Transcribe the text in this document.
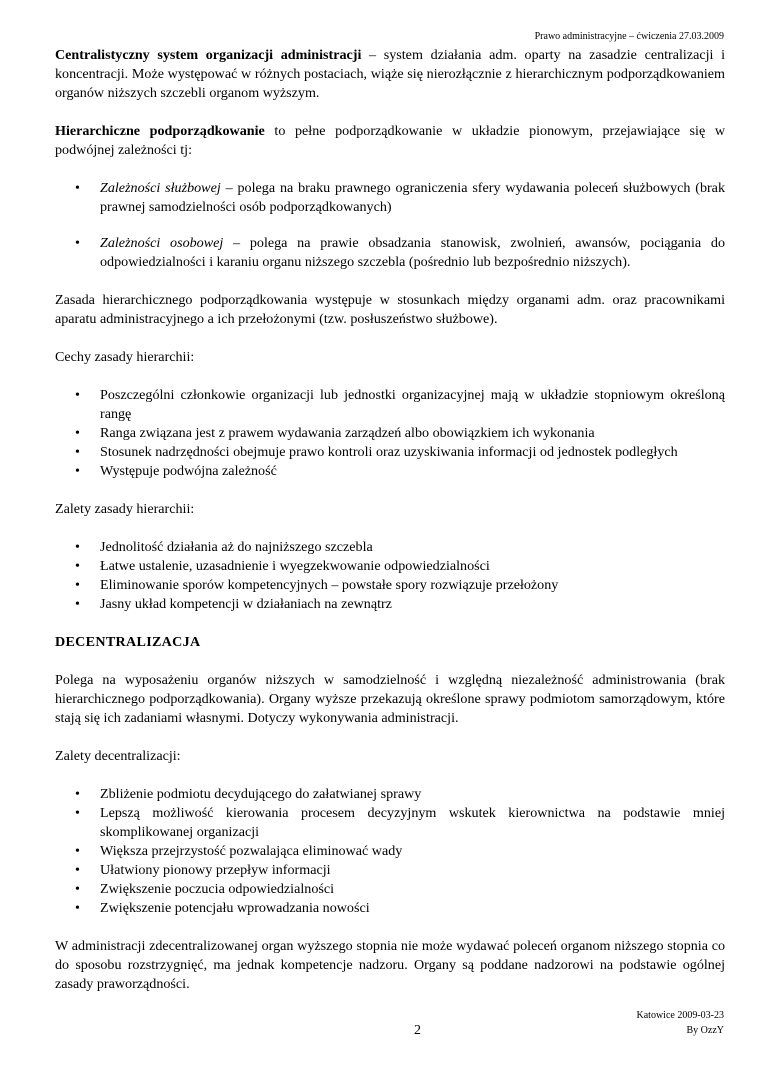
Prawo administracyjne – ćwiczenia 27.03.2009

Centralistyczny system organizacji administracji – system działania adm. oparty na zasadzie centralizacji i koncentracji. Może występować w różnych postaciach, wiąże się nierozłącznie z hierarchicznym podporządkowaniem organów niższych szczebli organom wyższym.

Hierarchiczne podporządkowanie to pełne podporządkowanie w układzie pionowym, przejawiające się w podwójnej zależności tj:

• Zależności służbowej – polega na braku prawnego ograniczenia sfery wydawania poleceń służbowych (brak prawnej samodzielności osób podporządkowanych)
• Zależności osobowej – polega na prawie obsadzania stanowisk, zwolnień, awansów, pociągania do odpowiedzialności i karaniu organu niższego szczebla (pośrednio lub bezpośrednio niższych).

Zasada hierarchicznego podporządkowania występuje w stosunkach między organami adm. oraz pracownikami aparatu administracyjnego a ich przełożonymi (tzw. posłuszeństwo służbowe).

Cechy zasady hierarchii:

• Poszczególni członkowie organizacji lub jednostki organizacyjnej mają w układzie stopniowym określoną rangę
• Ranga związana jest z prawem wydawania zarządzeń albo obowiązkiem ich wykonania
• Stosunek nadrzędności obejmuje prawo kontroli oraz uzyskiwania informacji od jednostek podległych
• Występuje podwójna zależność

Zalety zasady hierarchii:

• Jednolitość działania aż do najniższego szczebla
• Łatwe ustalenie, uzasadnienie i wyegzekwowanie odpowiedzialności
• Eliminowanie sporów kompetencyjnych – powstałe spory rozwiązuje przełożony
• Jasny układ kompetencji w działaniach na zewnątrz
DECENTRALIZACJA

Polega na wyposażeniu organów niższych w samodzielność i względną niezależność administrowania (brak hierarchicznego podporządkowania). Organy wyższe przekazują określone sprawy podmiotom samorządowym, które stają się ich zadaniami własnymi. Dotyczy wykonywania administracji.

Zalety decentralizacji:

• Zbliżenie podmiotu decydującego do załatwianej sprawy
• Lepszą możliwość kierowania procesem decyzyjnym wskutek kierownictwa na podstawie mniej skomplikowanej organizacji
• Większa przejrzystość pozwalająca eliminować wady
• Ułatwiony pionowy przepływ informacji
• Zwiększenie poczucia odpowiedzialności
• Zwiększenie potencjału wprowadzania nowości

W administracji zdecentralizowanej organ wyższego stopnia nie może wydawać poleceń organom niższego stopnia co do sposobu rozstrzygnięć, ma jednak kompetencje nadzoru. Organy są poddane nadzorowi na podstawie ogólnej zasady praworządności.

2
Katowice 2009-03-23
By OzzY
